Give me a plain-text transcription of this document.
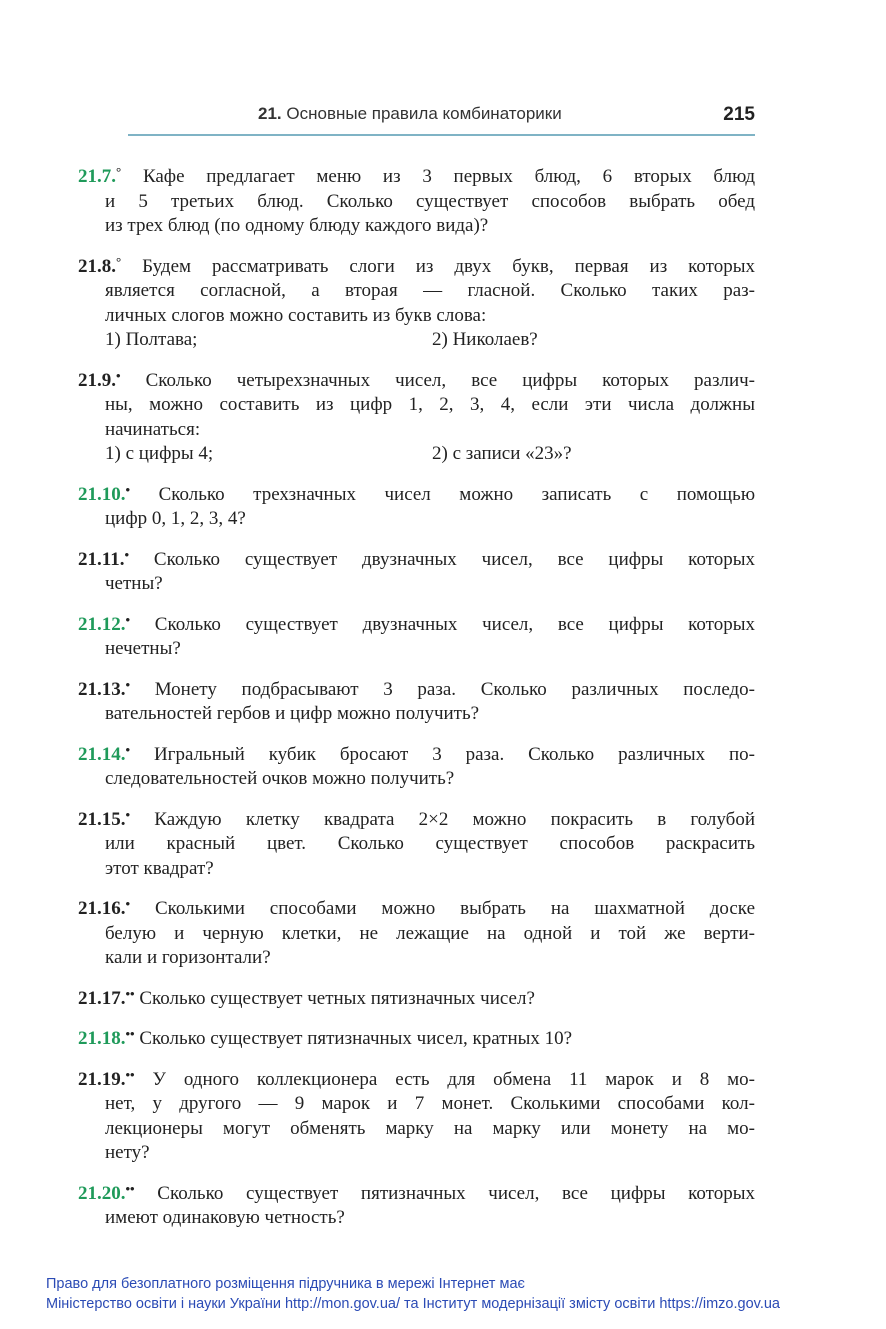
21. Основные правила комбинаторики	215
21.7.° Кафе предлагает меню из 3 первых блюд, 6 вторых блюд
и 5 третьих блюд. Сколько существует способов выбрать обед
из трех блюд (по одному блюду каждого вида)?
21.8.° Будем рассматривать слоги из двух букв, первая из которых
является согласной, а вторая — гласной. Сколько таких раз-
личных слогов можно составить из букв слова:
1) Полтава;	2) Николаев?
21.9.• Сколько четырехзначных чисел, все цифры которых различ-
ны, можно составить из цифр 1, 2, 3, 4, если эти числа должны
начинаться:
1) с цифры 4;	2) с записи «23»?
21.10.• Сколько трехзначных чисел можно записать с помощью
цифр 0, 1, 2, 3, 4?
21.11.• Сколько существует двузначных чисел, все цифры которых
четны?
21.12.• Сколько существует двузначных чисел, все цифры которых
нечетны?
21.13.• Монету подбрасывают 3 раза. Сколько различных последо-
вательностей гербов и цифр можно получить?
21.14.• Игральный кубик бросают 3 раза. Сколько различных по-
следовательностей очков можно получить?
21.15.• Каждую клетку квадрата 2×2 можно покрасить в голубой
или красный цвет. Сколько существует способов раскрасить
этот квадрат?
21.16.• Сколькими способами можно выбрать на шахматной доске
белую и черную клетки, не лежащие на одной и той же верти-
кали и горизонтали?
21.17.•• Сколько существует четных пятизначных чисел?
21.18.•• Сколько существует пятизначных чисел, кратных 10?
21.19.•• У одного коллекционера есть для обмена 11 марок и 8 мо-
нет, у другого — 9 марок и 7 монет. Сколькими способами кол-
лекционеры могут обменять марку на марку или монету на мо-
нету?
21.20.•• Сколько существует пятизначных чисел, все цифры которых
имеют одинаковую четность?
Право для безоплатного розміщення підручника в мережі Інтернет має
Міністерство освіти і науки України http://mon.gov.ua/ та Інститут модернізації змісту освіти https://imzo.gov.ua
